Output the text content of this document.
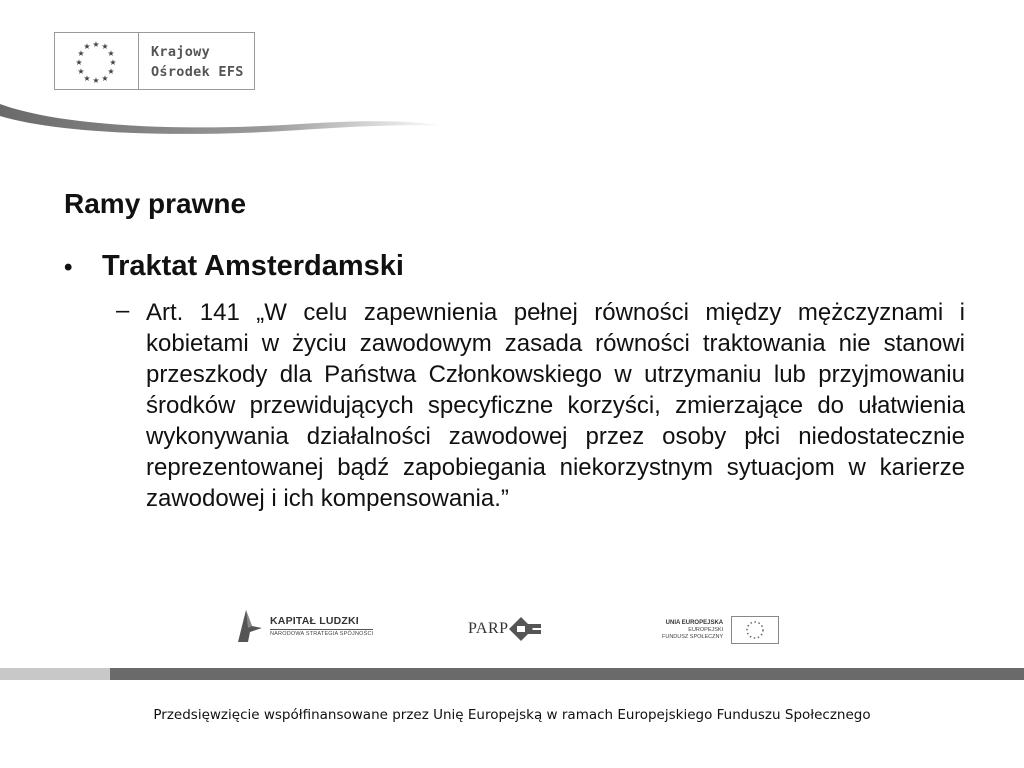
★ ★
★
★
★
★
★
★
★
★
★
★	Krajowy
Ośrodek EFS
Ramy prawne
•	Traktat Amsterdamski
– Art. 141 „W celu zapewnienia pełnej równości między mężczyznami i kobietami w życiu zawodowym zasada równości traktowania nie stanowi przeszkody dla Państwa Członkowskiego w utrzymaniu lub przyjmowaniu środków przewidujących specyficzne korzyści, zmierzające do ułatwienia wykonywania działalności zawodowej przez osoby płci niedostatecznie reprezentowanej bądź zapobiegania niekorzystnym sytuacjom w karierze zawodowej i ich kompensowania.”
KAPITAŁ LUDZKI
NARODOWA STRATEGIA SPÓJNOŚCI	PARP	UNIA EUROPEJSKA
EUROPEJSKI
FUNDUSZ SPOŁECZNY
Przedsięwzięcie współfinansowane przez Unię Europejską w ramach Europejskiego Funduszu Społecznego
